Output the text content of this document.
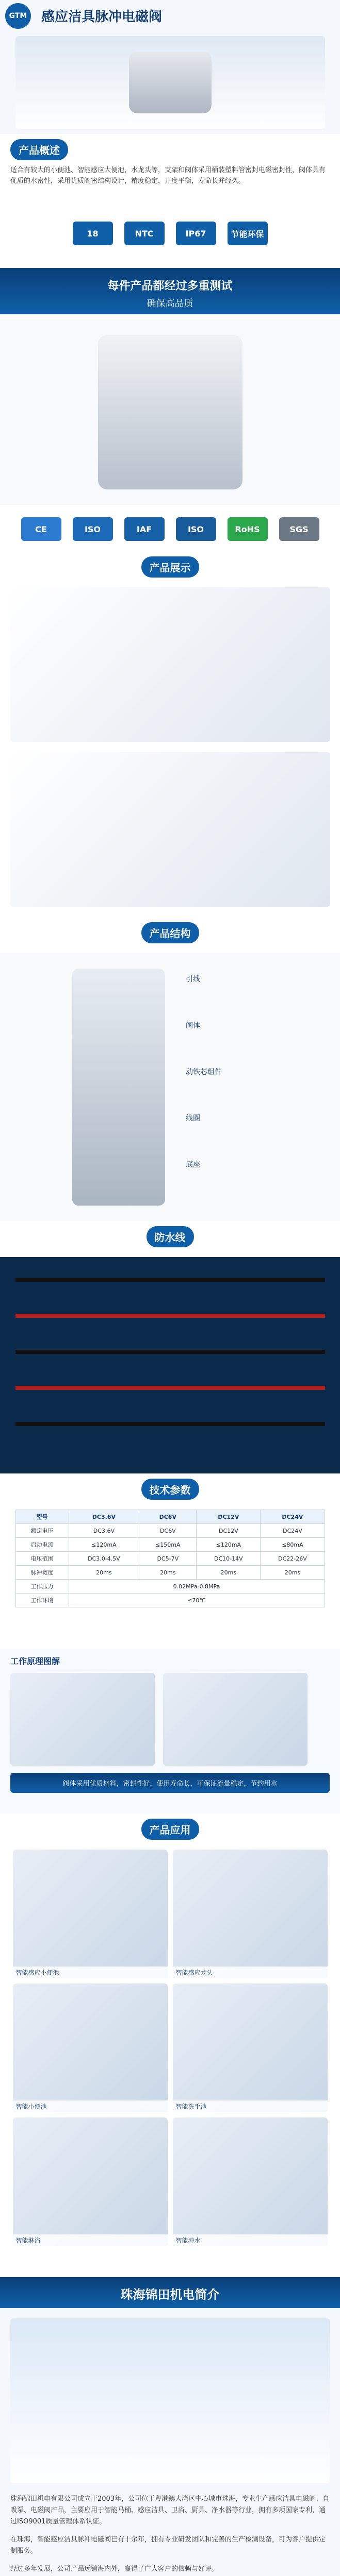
GTM 感应洁具脉冲电磁阀
产品概述

适合有较大的小便池、智能感应大便池，水龙头等，支架和阀体采用桶装塑料管密封电磁密封性，阀体具有优质的水密性，采用优质阀密结构设计，精度稳定，开度平衡，寿命长并经久。

18	NTC	IP67	节能环保
每件产品都经过多重测试
确保高品质
CE	ISO	IAF	ISO	RoHS	SGS
产品展示
产品结构
引线
阀体
动铁芯组件
线圈
底座
防水线
技术参数
型号	DC3.6V	DC6V	DC12V	DC24V
额定电压	DC3.6V	DC6V	DC12V	DC24V
启动电流	≤120mA	≤150mA	≤120mA	≤80mA
电压范围	DC3.0-4.5V	DC5-7V	DC10-14V	DC22-26V
脉冲宽度	20ms	20ms	20ms	20ms
工作压力	0.02MPa-0.8MPa			
工作环境	≤70℃			
工作原理图解
阀体采用优质材料，密封性好，使用寿命长，可保证流量稳定，节约用水
产品应用
智能感应小便池	智能感应龙头
智能小便池	智能洗手池
智能淋浴	智能冲水
珠海锦田机电简介

珠海锦田机电有限公司成立于2003年，公司位于粤港澳大湾区中心城市珠海，专业生产感应洁具电磁阀、自吸泵、电磁阀产品，主要应用于智能马桶、感应洁具、卫浴、厨具、净水器等行业，拥有多项国家专利，通过ISO9001质量管理体系认证。

在珠海，智能感应洁具脉冲电磁阀已有十余年，拥有专业研发团队和完善的生产检测设备，可为客户提供定制服务。

经过多年发展，公司产品远销海内外，赢得了广大客户的信赖与好评。
